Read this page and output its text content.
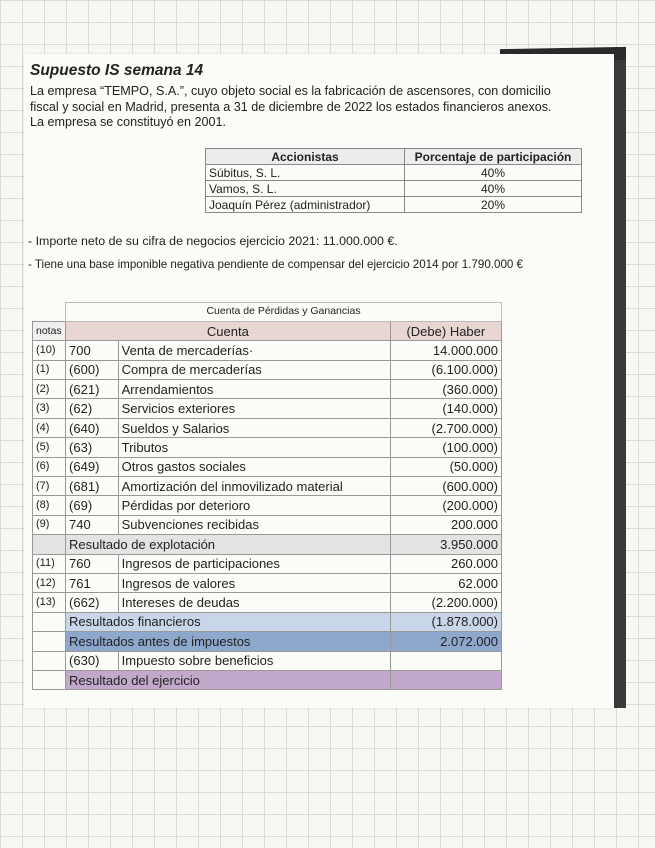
Supuesto IS semana 14
La empresa “TEMPO, S.A.”, cuyo objeto social es la fabricación de ascensores, con domicilio
fiscal y social en Madrid, presenta a 31 de diciembre de 2022 los estados financieros anexos.
La empresa se constituyó en 2001.
Accionistas	Porcentaje de participación
Súbitus, S. L.	40%
Vamos, S. L.	40%
Joaquín Pérez (administrador)	20%
- Importe neto de su cifra de negocios ejercicio 2021: 11.000.000 €.
- Tiene una base imponible negativa pendiente de compensar del ejercicio 2014 por 1.790.000 €
	Cuenta de Pérdidas y Ganancias		
notas	Cuenta		(Debe) Haber
(10)	700	Venta de mercaderías·	14.000.000
(1)	(600)	Compra de mercaderías	(6.100.000)
(2)	(621)	Arrendamientos	(360.000)
(3)	(62)	Servicios exteriores	(140.000)
(4)	(640)	Sueldos y Salarios	(2.700.000)
(5)	(63)	Tributos	(100.000)
(6)	(649)	Otros gastos sociales	(50.000)
(7)	(681)	Amortización del inmovilizado material	(600.000)
(8)	(69)	Pérdidas por deterioro	(200.000)
(9)	740	Subvenciones recibidas	200.000
	Resultado de explotación		3.950.000
(11)	760	Ingresos de participaciones	260.000
(12)	761	Ingresos de valores	62.000
(13)	(662)	Intereses de deudas	(2.200.000)
	Resultados financieros		(1.878.000)
	Resultados antes de impuestos		2.072.000
	(630)	Impuesto sobre beneficios	
	Resultado del ejercicio		
